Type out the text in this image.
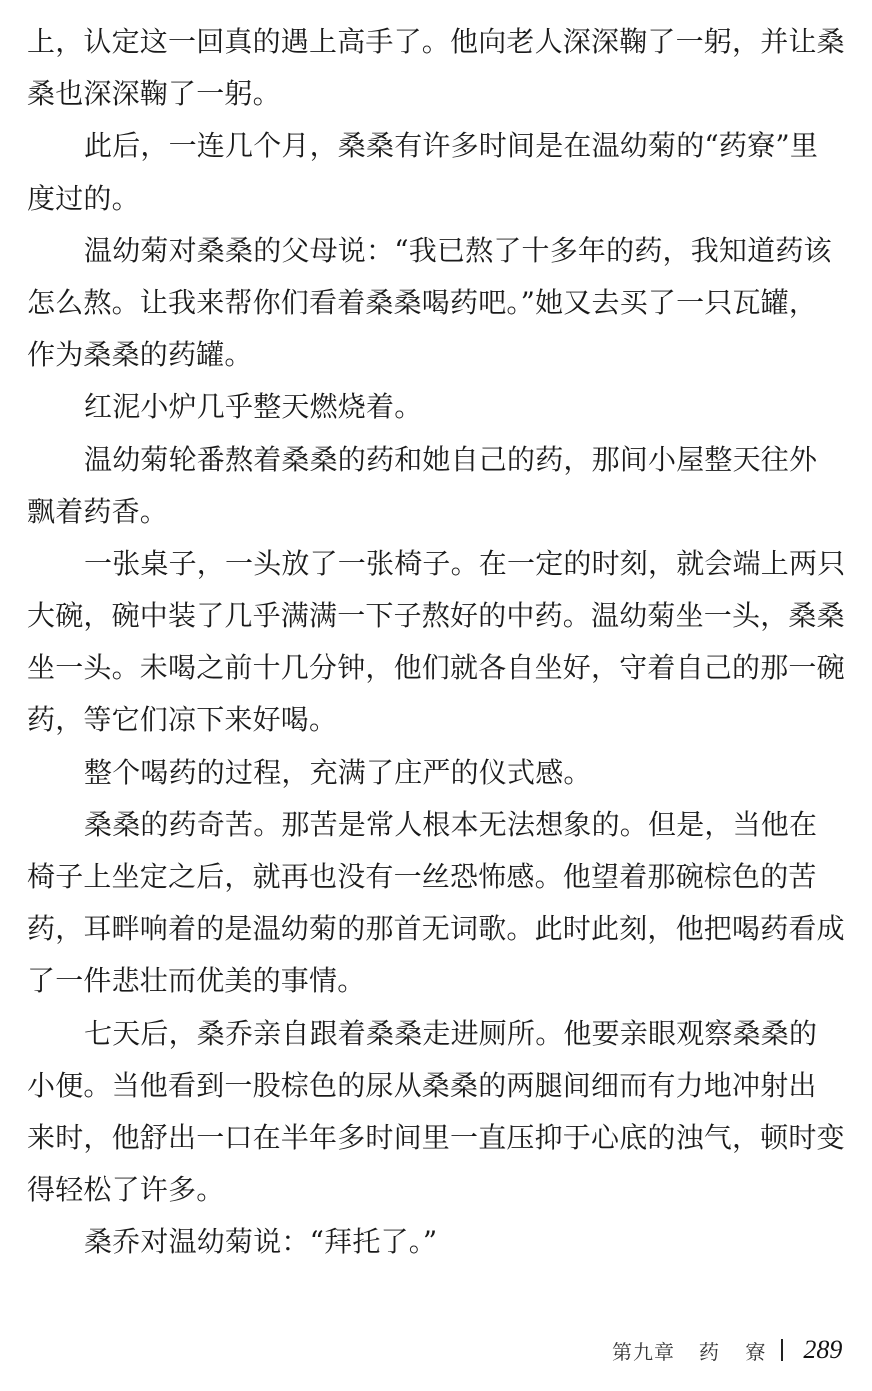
上，认定这一回真的遇上高手了。他向老人深深鞠了一躬，并让桑
桑也深深鞠了一躬。
此后，一连几个月，桑桑有许多时间是在温幼菊的“药寮”里
度过的。
温幼菊对桑桑的父母说：“我已熬了十多年的药，我知道药该
怎么熬。让我来帮你们看着桑桑喝药吧。”她又去买了一只瓦罐，
作为桑桑的药罐。
红泥小炉几乎整天燃烧着。
温幼菊轮番熬着桑桑的药和她自己的药，那间小屋整天往外
飘着药香。
一张桌子，一头放了一张椅子。在一定的时刻，就会端上两只
大碗，碗中装了几乎满满一下子熬好的中药。温幼菊坐一头，桑桑
坐一头。未喝之前十几分钟，他们就各自坐好，守着自己的那一碗
药，等它们凉下来好喝。
整个喝药的过程，充满了庄严的仪式感。
桑桑的药奇苦。那苦是常人根本无法想象的。但是，当他在
椅子上坐定之后，就再也没有一丝恐怖感。他望着那碗棕色的苦
药，耳畔响着的是温幼菊的那首无词歌。此时此刻，他把喝药看成
了一件悲壮而优美的事情。
七天后，桑乔亲自跟着桑桑走进厕所。他要亲眼观察桑桑的
小便。当他看到一股棕色的尿从桑桑的两腿间细而有力地冲射出
来时，他舒出一口在半年多时间里一直压抑于心底的浊气，顿时变
得轻松了许多。
桑乔对温幼菊说：“拜托了。”
第九章 药 寮 289
